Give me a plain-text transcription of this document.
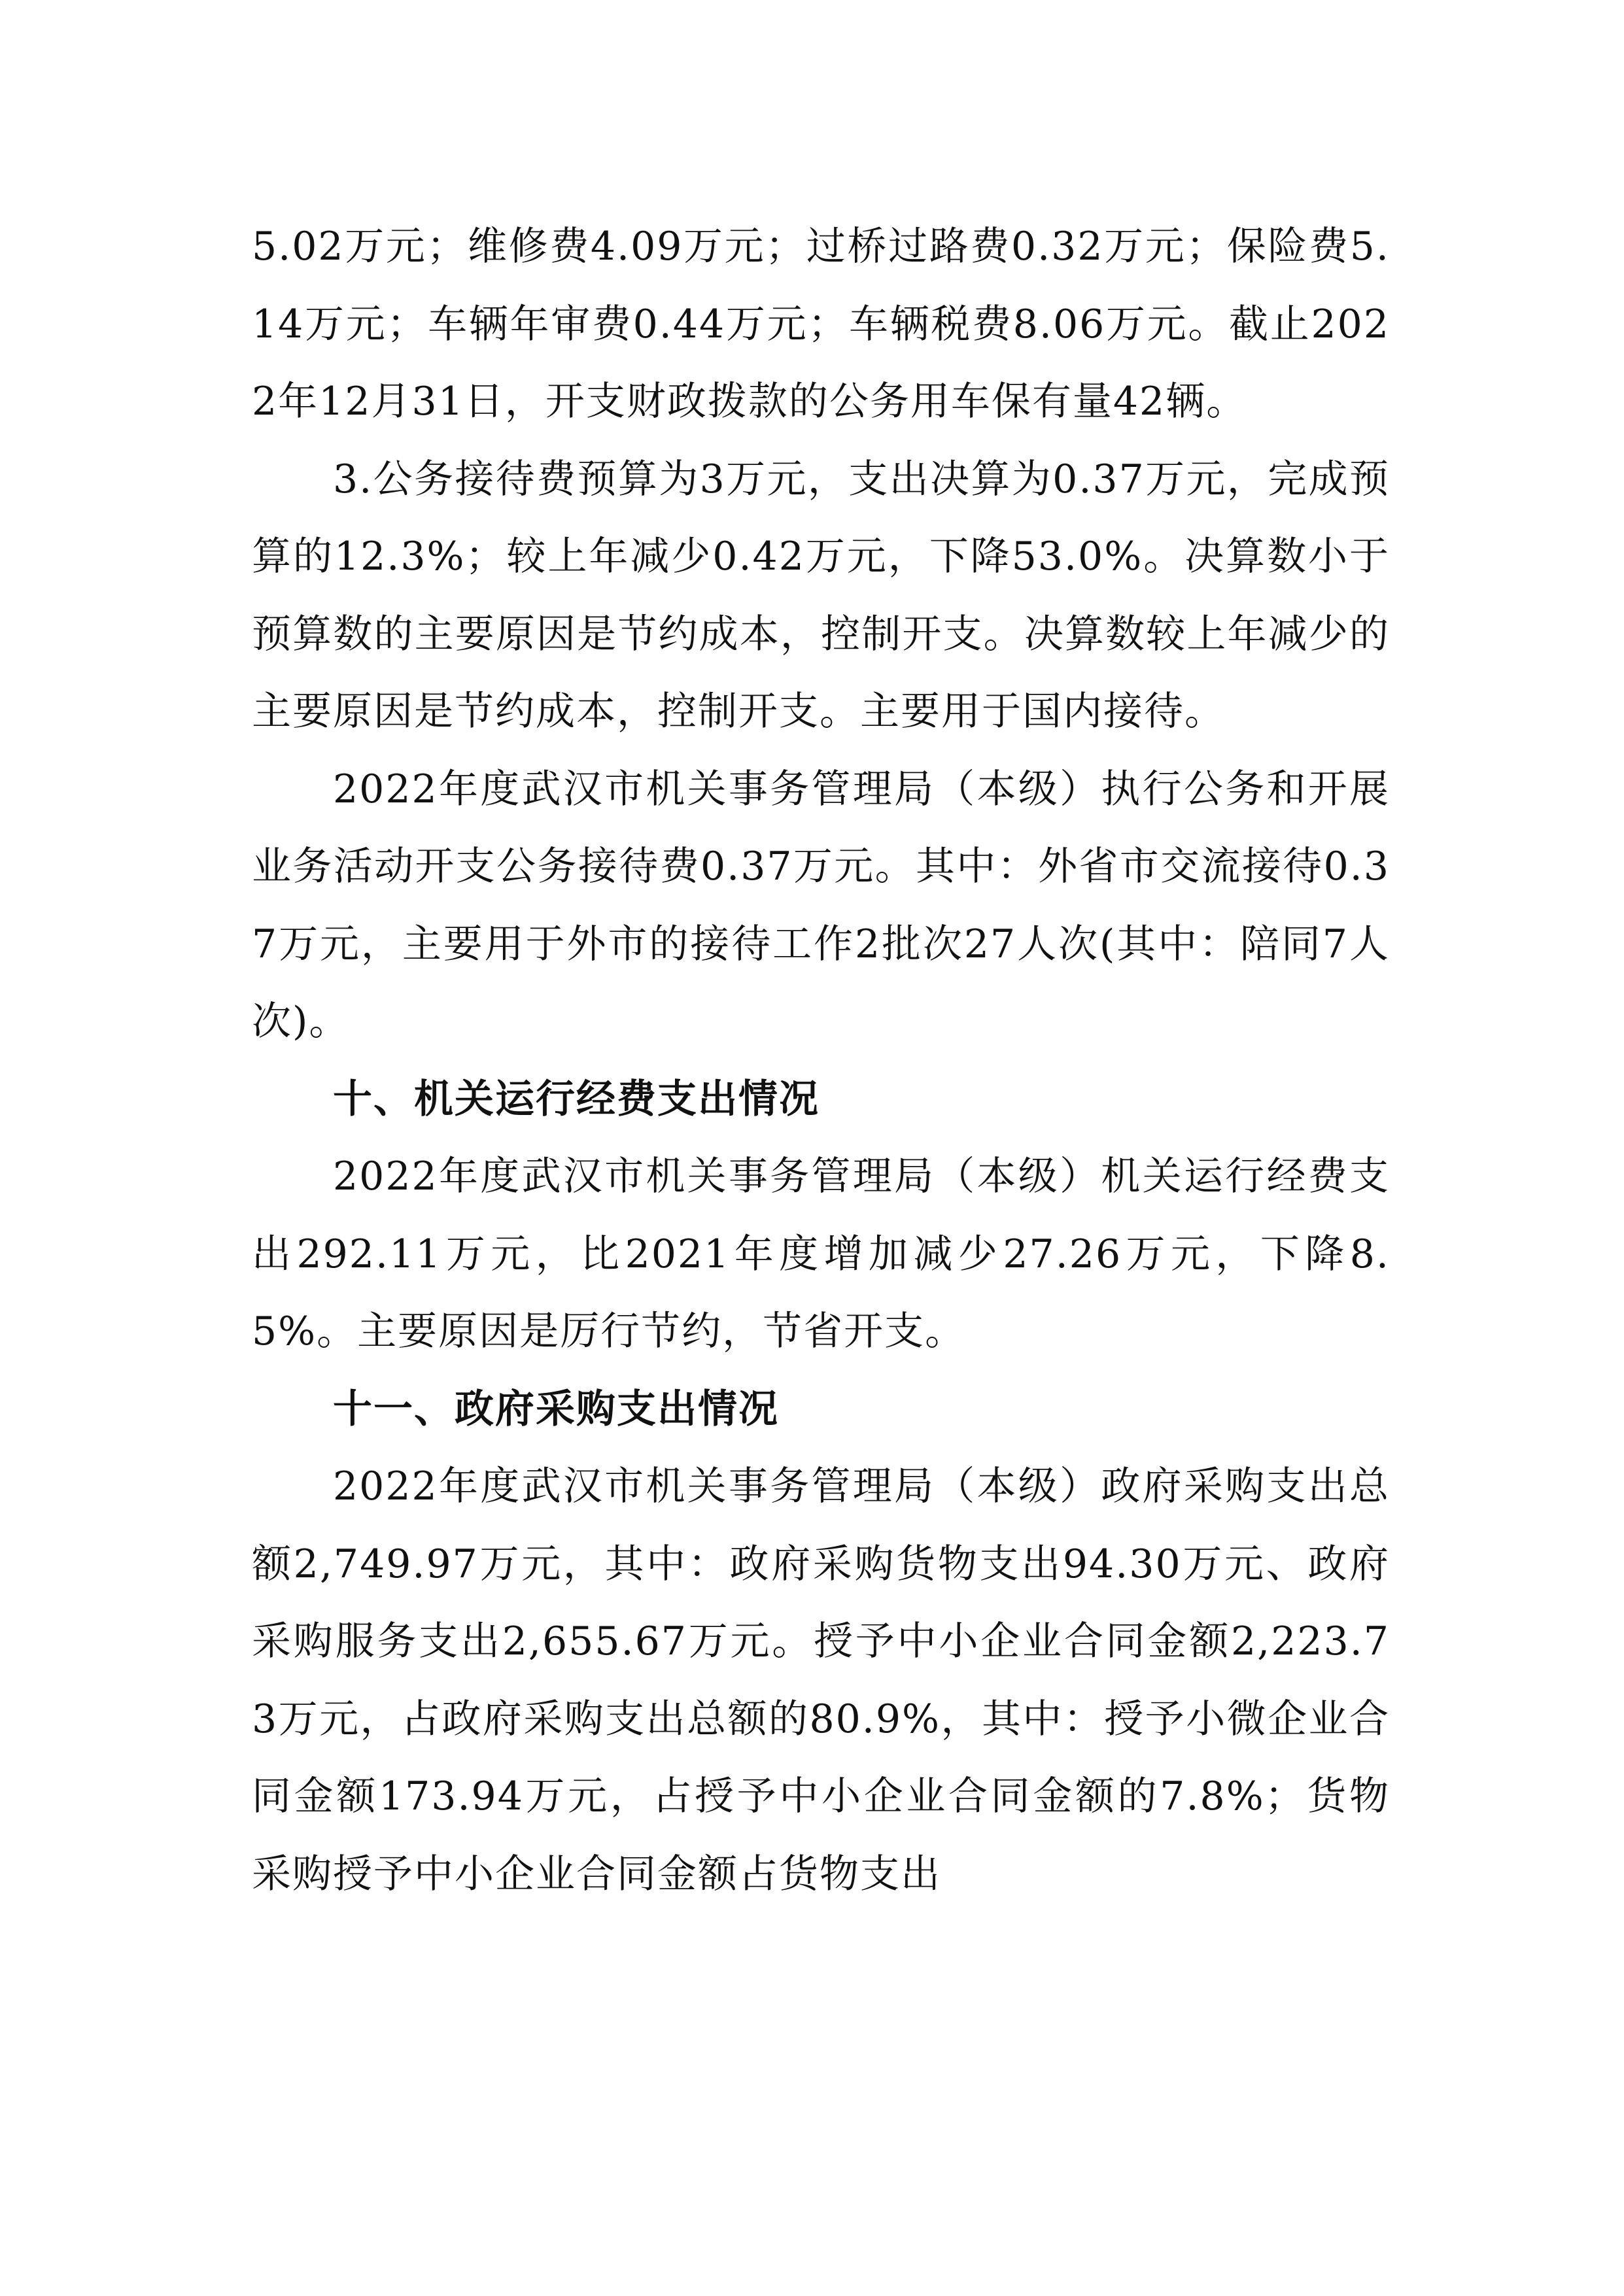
5.02万元；维修费4.09万元；过桥过路费0.32万元；保险费5.14万元；车辆年审费0.44万元；车辆税费8.06万元。截止2022年12月31日，开支财政拨款的公务用车保有量42辆。

3.公务接待费预算为3万元，支出决算为0.37万元，完成预算的12.3%；较上年减少0.42万元，下降53.0%。决算数小于预算数的主要原因是节约成本，控制开支。决算数较上年减少的主要原因是节约成本，控制开支。主要用于国内接待。

2022年度武汉市机关事务管理局（本级）执行公务和开展业务活动开支公务接待费0.37万元。其中：外省市交流接待0.37万元，主要用于外市的接待工作2批次27人次(其中：陪同7人次)。

十、机关运行经费支出情况

2022年度武汉市机关事务管理局（本级）机关运行经费支出292.11万元，比2021年度增加减少27.26万元，下降8.5%。主要原因是厉行节约，节省开支。

十一、政府采购支出情况

2022年度武汉市机关事务管理局（本级）政府采购支出总额2,749.97万元，其中：政府采购货物支出94.30万元、政府采购服务支出2,655.67万元。授予中小企业合同金额2,223.73万元，占政府采购支出总额的80.9%，其中：授予小微企业合同金额173.94万元，占授予中小企业合同金额的7.8%；货物采购授予中小企业合同金额占货物支出
